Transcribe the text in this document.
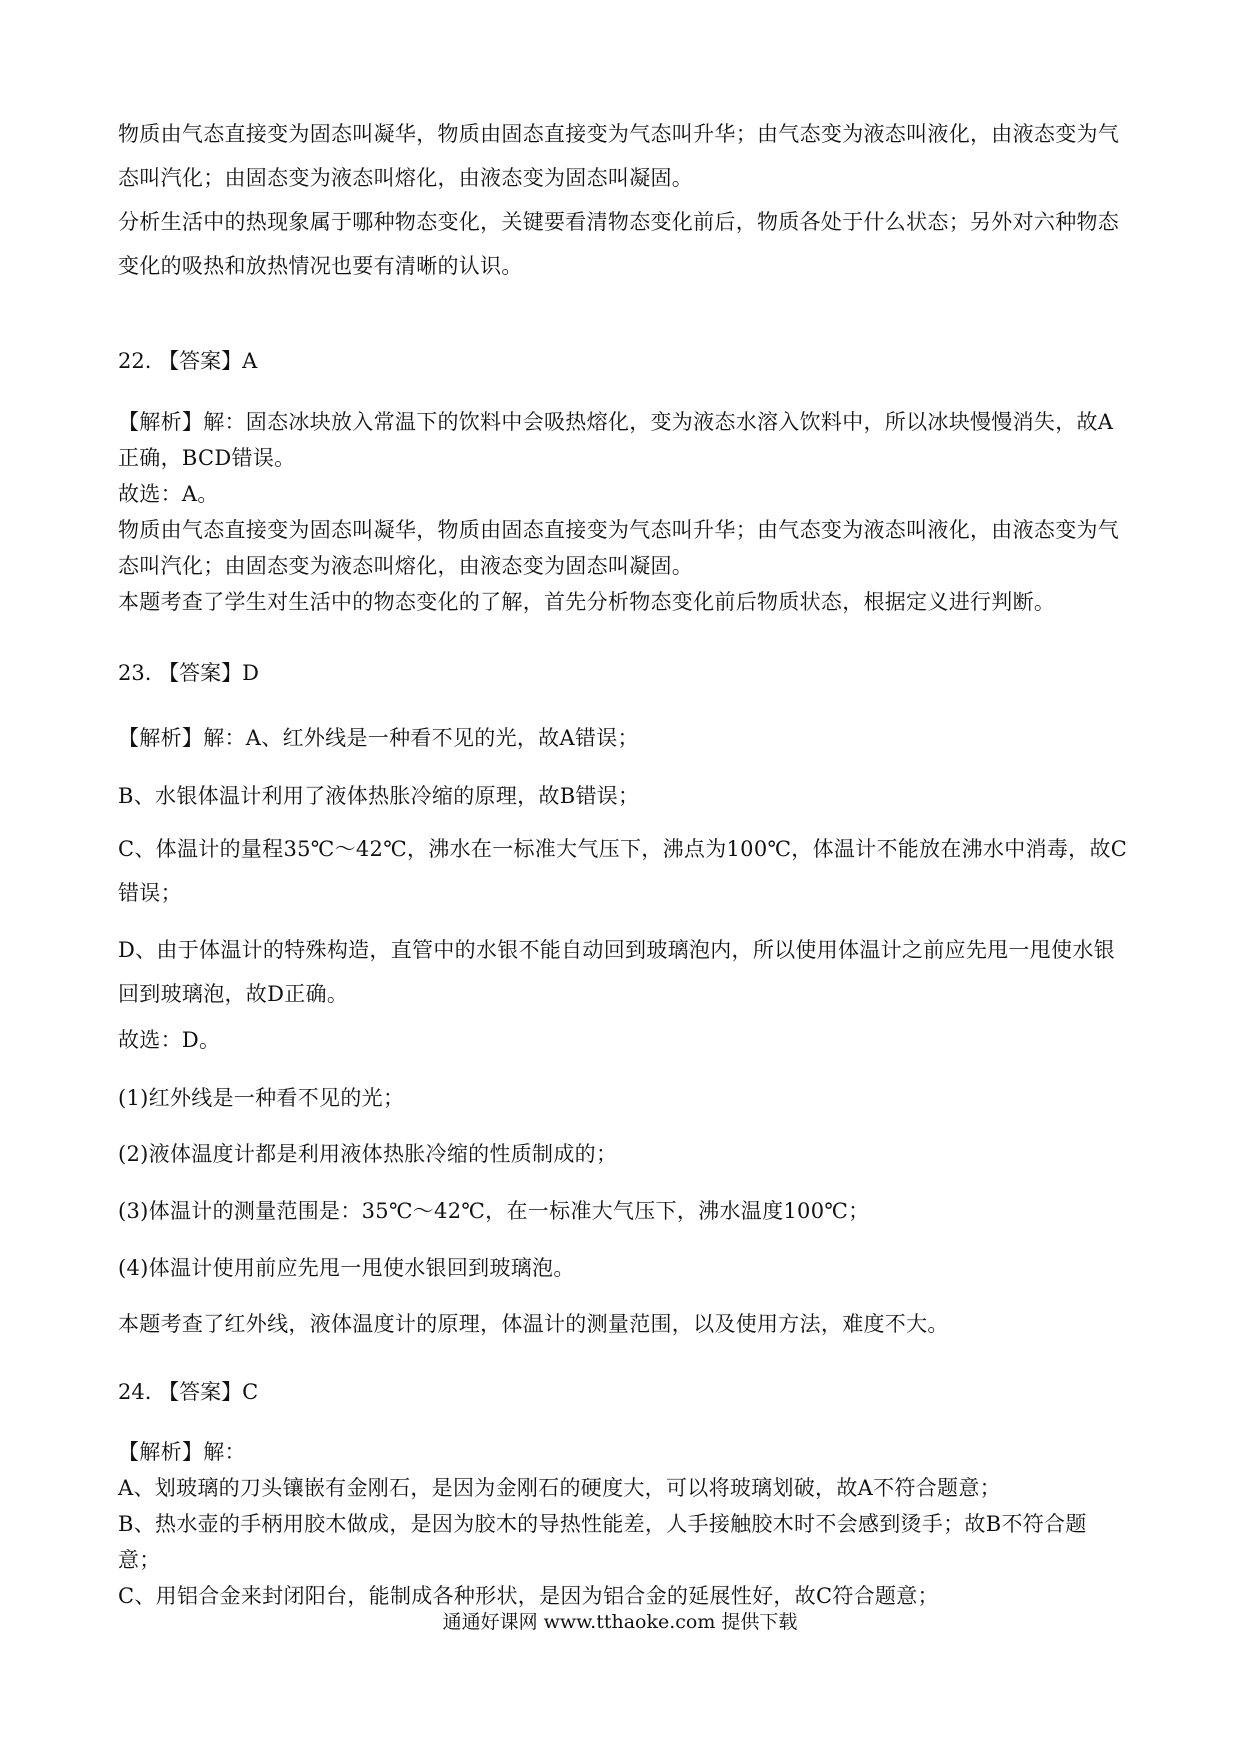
物质由气态直接变为固态叫凝华，物质由固态直接变为气态叫升华；由气态变为液态叫液化，由液态变为气态叫汽化；由固态变为液态叫熔化，由液态变为固态叫凝固。
分析生活中的热现象属于哪种物态变化，关键要看清物态变化前后，物质各处于什么状态；另外对六种物态变化的吸热和放热情况也要有清晰的认识。
22. 【答案】A
【解析】解：固态冰块放入常温下的饮料中会吸热熔化，变为液态水溶入饮料中，所以冰块慢慢消失，故A正确，BCD错误。
故选：A。
物质由气态直接变为固态叫凝华，物质由固态直接变为气态叫升华；由气态变为液态叫液化，由液态变为气态叫汽化；由固态变为液态叫熔化，由液态变为固态叫凝固。
本题考查了学生对生活中的物态变化的了解，首先分析物态变化前后物质状态，根据定义进行判断。
23. 【答案】D
【解析】解：A、红外线是一种看不见的光，故A错误；
B、水银体温计利用了液体热胀冷缩的原理，故B错误；
C、体温计的量程35℃～42℃，沸水在一标准大气压下，沸点为100℃，体温计不能放在沸水中消毒，故C错误；
D、由于体温计的特殊构造，直管中的水银不能自动回到玻璃泡内，所以使用体温计之前应先甩一甩使水银回到玻璃泡，故D正确。
故选：D。
(1)红外线是一种看不见的光；
(2)液体温度计都是利用液体热胀冷缩的性质制成的；
(3)体温计的测量范围是：35℃～42℃，在一标准大气压下，沸水温度100℃；
(4)体温计使用前应先甩一甩使水银回到玻璃泡。
本题考查了红外线，液体温度计的原理，体温计的测量范围，以及使用方法，难度不大。
24. 【答案】C
【解析】解：
A、划玻璃的刀头镶嵌有金刚石，是因为金刚石的硬度大，可以将玻璃划破，故A不符合题意；
B、热水壶的手柄用胶木做成，是因为胶木的导热性能差，人手接触胶木时不会感到烫手；故B不符合题意；
通通好课网 www.tthaoke.com 提供下载
C、用铝合金来封闭阳台，能制成各种形状，是因为铝合金的延展性好，故C符合题意；
